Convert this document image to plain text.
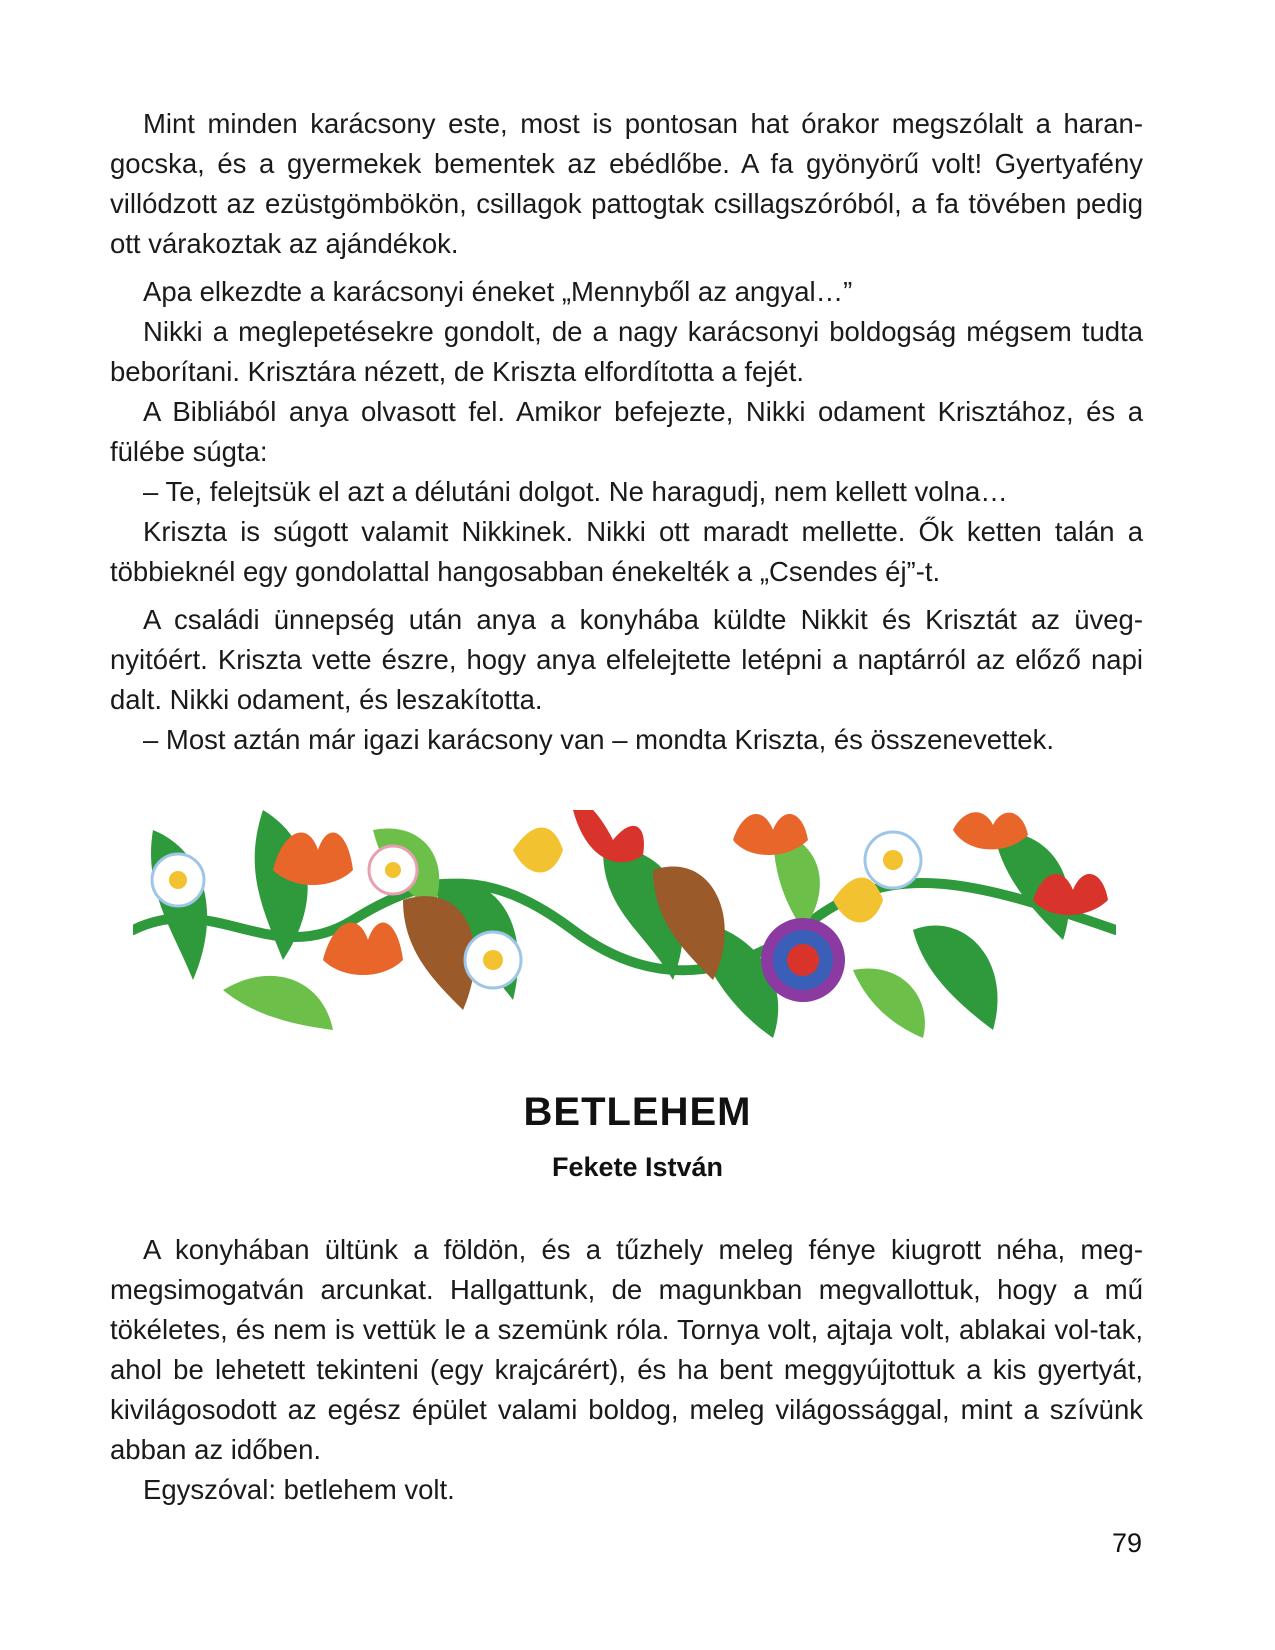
Mint minden karácsony este, most is pontosan hat órakor megszólalt a haran-gocska, és a gyermekek bementek az ebédlőbe. A fa gyönyörű volt! Gyertyafény villódzott az ezüstgömbökön, csillagok pattogtak csillagszóróból, a fa tövében pedig ott várakoztak az ajándékok.

Apa elkezdte a karácsonyi éneket „Mennyből az angyal…”

Nikki a meglepetésekre gondolt, de a nagy karácsonyi boldogság mégsem tudta beborítani. Krisztára nézett, de Kriszta elfordította a fejét.

A Bibliából anya olvasott fel. Amikor befejezte, Nikki odament Krisztához, és a fülébe súgta:

– Te, felejtsük el azt a délutáni dolgot. Ne haragudj, nem kellett volna…

Kriszta is súgott valamit Nikkinek. Nikki ott maradt mellette. Ők ketten talán a többieknél egy gondolattal hangosabban énekelték a „Csendes éj”-t.

A családi ünnepség után anya a konyhába küldte Nikkit és Krisztát az üveg-nyitóért. Kriszta vette észre, hogy anya elfelejtette letépni a naptárról az előző napi dalt. Nikki odament, és leszakította.

– Most aztán már igazi karácsony van – mondta Kriszta, és összenevettek.

BETLEHEM
Fekete István

A konyhában ültünk a földön, és a tűzhely meleg fénye kiugrott néha, meg-megsimogatván arcunkat. Hallgattunk, de magunkban megvallottuk, hogy a mű tökéletes, és nem is vettük le a szemünk róla. Tornya volt, ajtaja volt, ablakai vol-tak, ahol be lehetett tekinteni (egy krajcárért), és ha bent meggyújtottuk a kis gyertyát, kivilágosodott az egész épület valami boldog, meleg világossággal, mint a szívünk abban az időben.

Egyszóval: betlehem volt.

79
